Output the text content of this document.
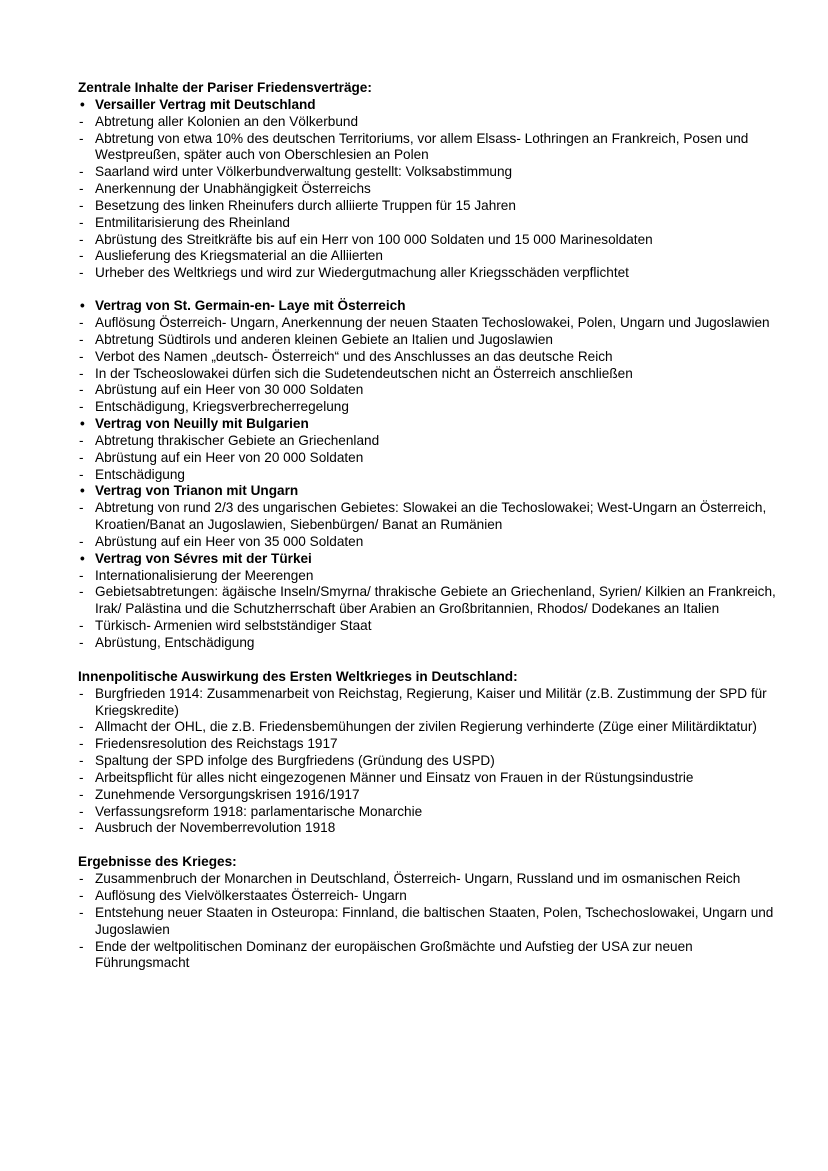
Zentrale Inhalte der Pariser Friedensverträge:
• Versailler Vertrag mit Deutschland
- Abtretung aller Kolonien an den Völkerbund
- Abtretung von etwa 10% des deutschen Territoriums, vor allem Elsass- Lothringen an Frankreich, Posen und Westpreußen, später auch von Oberschlesien an Polen
- Saarland wird unter Völkerbundverwaltung gestellt: Volksabstimmung
- Anerkennung der Unabhängigkeit Österreichs
- Besetzung des linken Rheinufers durch alliierte Truppen für 15 Jahren
- Entmilitarisierung des Rheinland
- Abrüstung des Streitkräfte bis auf ein Herr von 100 000 Soldaten und 15 000 Marinesoldaten
- Auslieferung des Kriegsmaterial an die Alliierten
- Urheber des Weltkriegs und wird zur Wiedergutmachung aller Kriegsschäden verpflichtet
• Vertrag von St. Germain-en- Laye mit Österreich
- Auflösung Österreich- Ungarn, Anerkennung der neuen Staaten Techoslowakei, Polen, Ungarn und Jugoslawien
- Abtretung Südtirols und anderen kleinen Gebiete an Italien und Jugoslawien
- Verbot des Namen „deutsch- Österreich“ und des Anschlusses an das deutsche Reich
- In der Tscheoslowakei dürfen sich die Sudetendeutschen nicht an Österreich anschließen
- Abrüstung auf ein Heer von 30 000 Soldaten
- Entschädigung, Kriegsverbrecherregelung
• Vertrag von Neuilly mit Bulgarien
- Abtretung thrakischer Gebiete an Griechenland
- Abrüstung auf ein Heer von 20 000 Soldaten
- Entschädigung
• Vertrag von Trianon mit Ungarn
- Abtretung von rund 2/3 des ungarischen Gebietes: Slowakei an die Techoslowakei; West-Ungarn an Österreich, Kroatien/Banat an Jugoslawien, Siebenbürgen/ Banat an Rumänien
- Abrüstung auf ein Heer von 35 000 Soldaten
• Vertrag von Sévres mit der Türkei
- Internationalisierung der Meerengen
- Gebietsabtretungen: ägäische Inseln/Smyrna/ thrakische Gebiete an Griechenland, Syrien/ Kilkien an Frankreich, Irak/ Palästina und die Schutzherrschaft über Arabien an Großbritannien, Rhodos/ Dodekanes an Italien
- Türkisch- Armenien wird selbstständiger Staat
- Abrüstung, Entschädigung
Innenpolitische Auswirkung des Ersten Weltkrieges in Deutschland:
- Burgfrieden 1914: Zusammenarbeit von Reichstag, Regierung, Kaiser und Militär (z.B. Zustimmung der SPD für Kriegskredite)
- Allmacht der OHL, die z.B. Friedensbemühungen der zivilen Regierung verhinderte (Züge einer Militärdiktatur)
- Friedensresolution des Reichstags 1917
- Spaltung der SPD infolge des Burgfriedens (Gründung des USPD)
- Arbeitspflicht für alles nicht eingezogenen Männer und Einsatz von Frauen in der Rüstungsindustrie
- Zunehmende Versorgungskrisen 1916/1917
- Verfassungsreform 1918: parlamentarische Monarchie
- Ausbruch der Novemberrevolution 1918
Ergebnisse des Krieges:
- Zusammenbruch der Monarchen in Deutschland, Österreich- Ungarn, Russland und im osmanischen Reich
- Auflösung des Vielvölkerstaates Österreich- Ungarn
- Entstehung neuer Staaten in Osteuropa: Finnland, die baltischen Staaten, Polen, Tschechoslowakei, Ungarn und Jugoslawien
- Ende der weltpolitischen Dominanz der europäischen Großmächte und Aufstieg der USA zur neuen Führungsmacht
